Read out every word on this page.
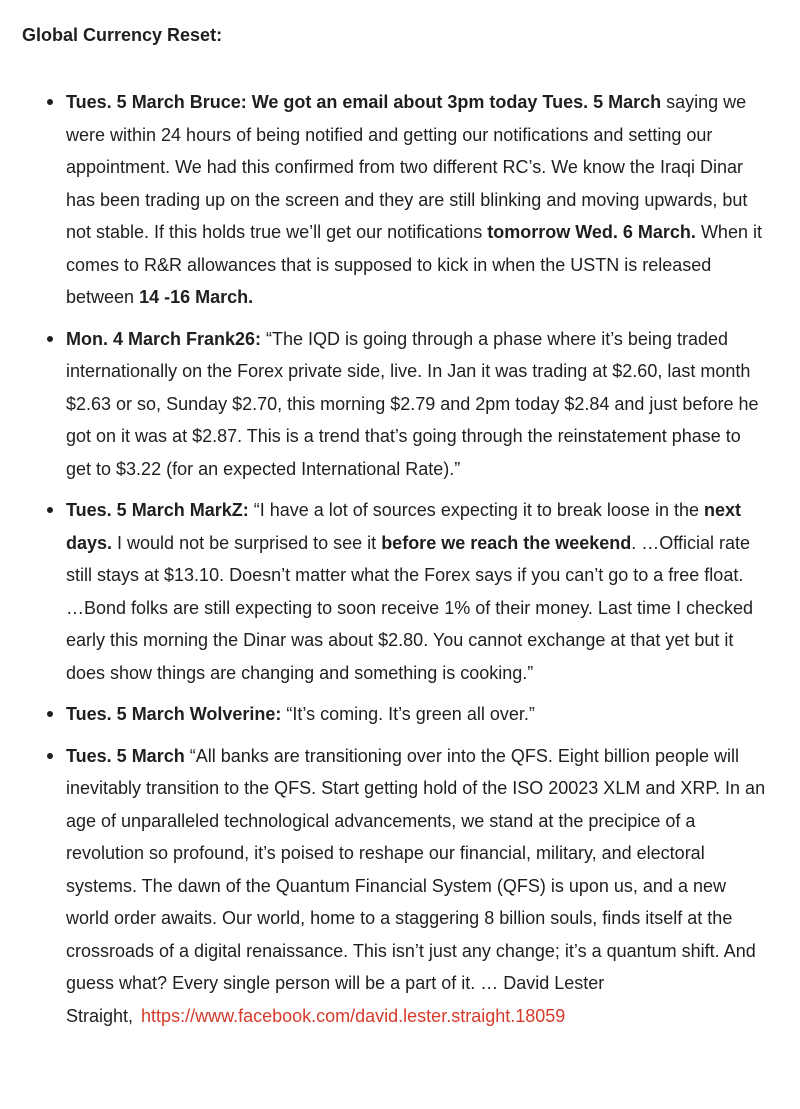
Global Currency Reset:

Tues. 5 March Bruce: We got an email about 3pm today Tues. 5 March saying we were within 24 hours of being notified and getting our notifications and setting our appointment. We had this confirmed from two different RC’s. We know the Iraqi Dinar has been trading up on the screen and they are still blinking and moving upwards, but not stable. If this holds true we’ll get our notifications tomorrow Wed. 6 March. When it comes to R&R allowances that is supposed to kick in when the USTN is released between 14 -16 March.
Mon. 4 March Frank26: “The IQD is going through a phase where it’s being traded internationally on the Forex private side, live. In Jan it was trading at $2.60, last month $2.63 or so, Sunday $2.70, this morning $2.79 and 2pm today $2.84 and just before he got on it was at $2.87. This is a trend that’s going through the reinstatement phase to get to $3.22 (for an expected International Rate).”
Tues. 5 March MarkZ: “I have a lot of sources expecting it to break loose in the next days. I would not be surprised to see it before we reach the weekend. …Official rate still stays at $13.10. Doesn’t matter what the Forex says if you can’t go to a free float. …Bond folks are still expecting to soon receive 1% of their money. Last time I checked early this morning the Dinar was about $2.80. You cannot exchange at that yet but it does show things are changing and something is cooking.”
Tues. 5 March Wolverine: “It’s coming. It’s green all over.”
Tues. 5 March “All banks are transitioning over into the QFS. Eight billion people will inevitably transition to the QFS. Start getting hold of the ISO 20023 XLM and XRP. In an age of unparalleled technological advancements, we stand at the precipice of a revolution so profound, it’s poised to reshape our financial, military, and electoral systems. The dawn of the Quantum Financial System (QFS) is upon us, and a new world order awaits. Our world, home to a staggering 8 billion souls, finds itself at the crossroads of a digital renaissance. This isn’t just any change; it’s a quantum shift. And guess what? Every single person will be a part of it. … David Lester Straight, https://www.facebook.com/david.lester.straight.18059
